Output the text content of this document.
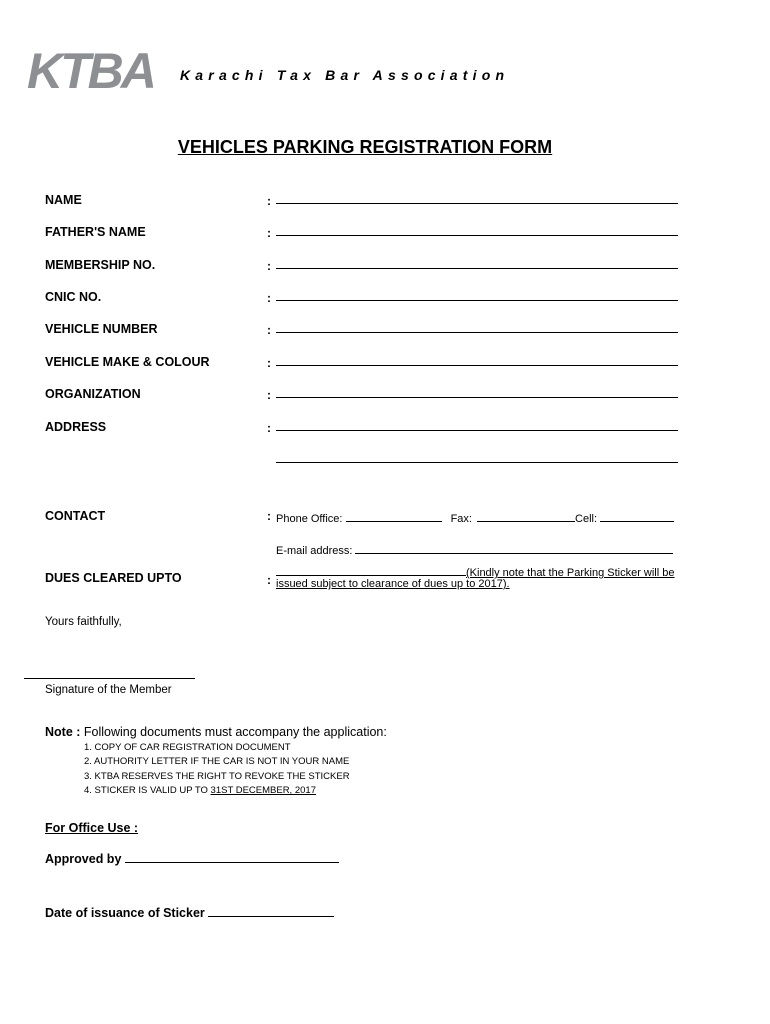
KTBA Karachi Tax Bar Association
VEHICLES PARKING REGISTRATION FORM
NAME	:
FATHER'S NAME	:
MEMBERSHIP NO.	:
CNIC NO.	:
VEHICLE NUMBER	:
VEHICLE MAKE & COLOUR	:
ORGANIZATION	:
ADDRESS	:
CONTACT	: Phone Office:	Fax:	Cell:
E-mail address:
DUES CLEARED UPTO	:	(Kindly note that the Parking Sticker will be
issued subject to clearance of dues up to 2017).
Yours faithfully,
Signature of the Member
Note : Following documents must accompany the application:
1. COPY OF CAR REGISTRATION DOCUMENT
2. AUTHORITY LETTER IF THE CAR IS NOT IN YOUR NAME
3. KTBA RESERVES THE RIGHT TO REVOKE THE STICKER
4. STICKER IS VALID UP TO 31ST DECEMBER, 2017
For Office Use :
Approved by
Date of issuance of Sticker
